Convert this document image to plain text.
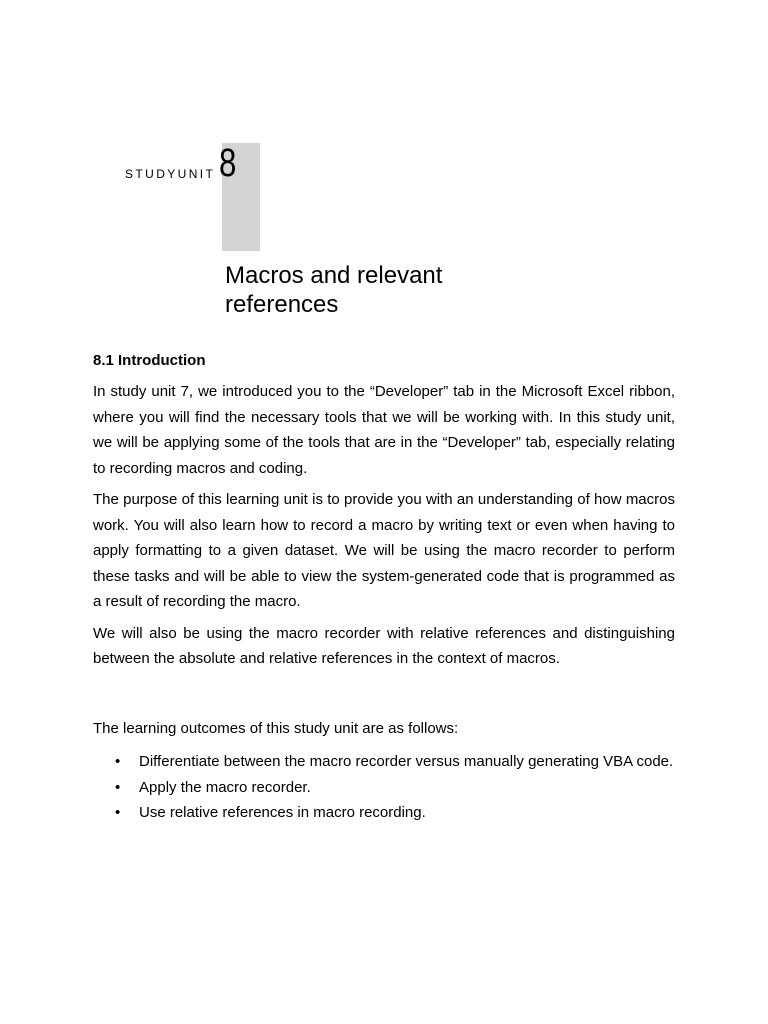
STUDYUNIT 8
Macros and relevant references
8.1 Introduction

In study unit 7, we introduced you to the “Developer” tab in the Microsoft Excel ribbon, where you will find the necessary tools that we will be working with. In this study unit, we will be applying some of the tools that are in the “Developer” tab, especially relating to recording macros and coding.

The purpose of this learning unit is to provide you with an understanding of how macros work. You will also learn how to record a macro by writing text or even when having to apply formatting to a given dataset. We will be using the macro recorder to perform these tasks and will be able to view the system-generated code that is programmed as a result of recording the macro.

We will also be using the macro recorder with relative references and distinguishing between the absolute and relative references in the context of macros.

The learning outcomes of this study unit are as follows:

• Differentiate between the macro recorder versus manually generating VBA code.
• Apply the macro recorder.
• Use relative references in macro recording.
